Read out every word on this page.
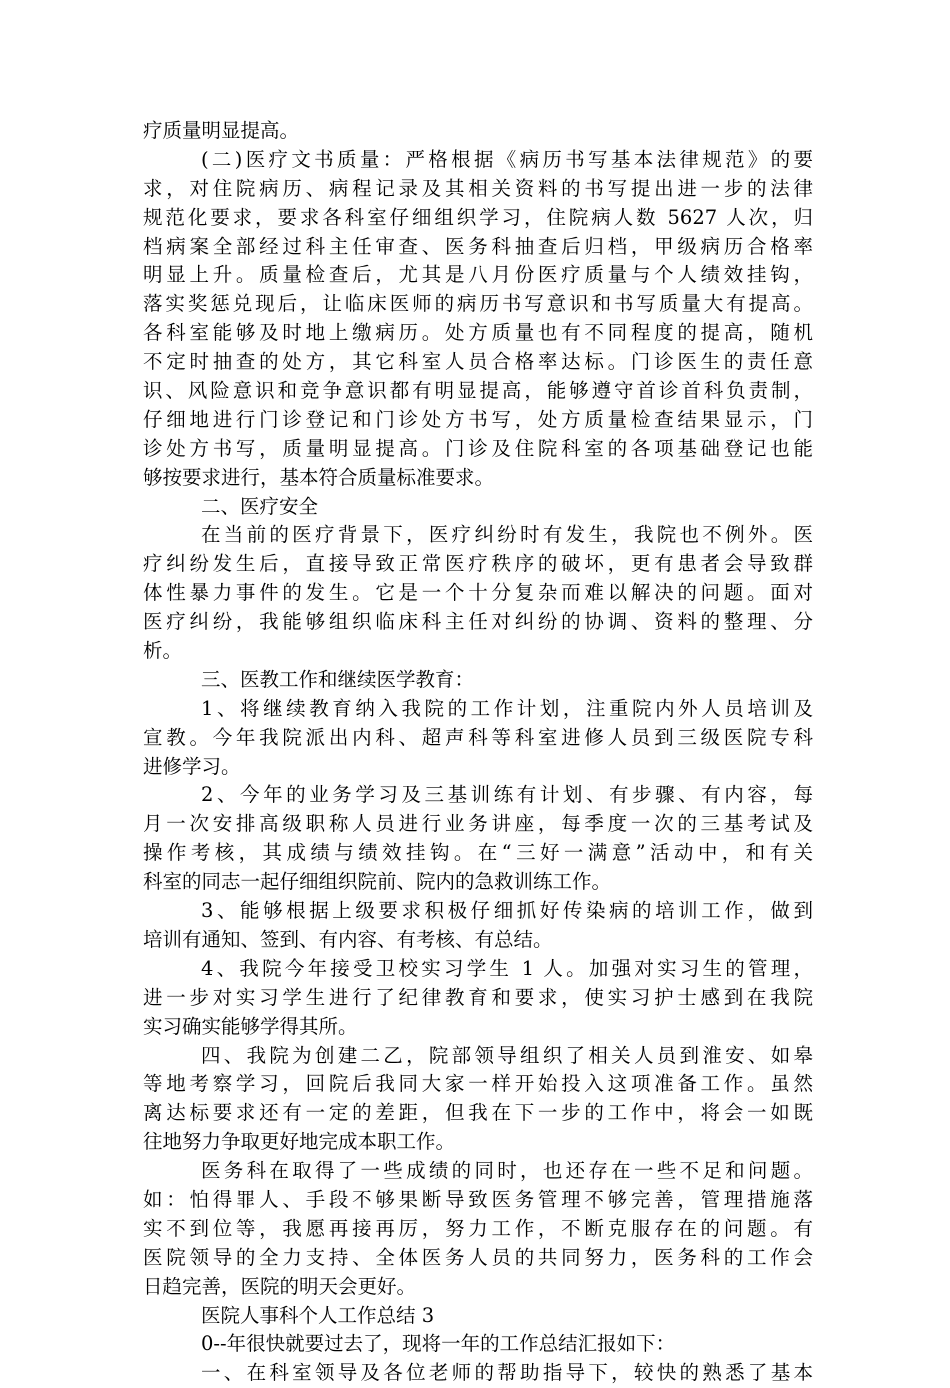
疗质量明显提高。
(二)医疗文书质量：严格根据《病历书写基本法律规范》的要
求，对住院病历、病程记录及其相关资料的书写提出进一步的法律
规范化要求，要求各科室仔细组织学习，住院病人数 5627 人次，归
档病案全部经过科主任审查、医务科抽查后归档，甲级病历合格率
明显上升。质量检查后，尤其是八月份医疗质量与个人绩效挂钩，
落实奖惩兑现后，让临床医师的病历书写意识和书写质量大有提高。
各科室能够及时地上缴病历。处方质量也有不同程度的提高，随机
不定时抽查的处方，其它科室人员合格率达标。门诊医生的责任意
识、风险意识和竞争意识都有明显提高，能够遵守首诊首科负责制，
仔细地进行门诊登记和门诊处方书写，处方质量检查结果显示，门
诊处方书写，质量明显提高。门诊及住院科室的各项基础登记也能
够按要求进行，基本符合质量标准要求。
二、医疗安全
在当前的医疗背景下，医疗纠纷时有发生，我院也不例外。医
疗纠纷发生后，直接导致正常医疗秩序的破坏，更有患者会导致群
体性暴力事件的发生。它是一个十分复杂而难以解决的问题。面对
医疗纠纷，我能够组织临床科主任对纠纷的协调、资料的整理、分
析。
三、医教工作和继续医学教育：
1、将继续教育纳入我院的工作计划，注重院内外人员培训及
宣教。今年我院派出内科、超声科等科室进修人员到三级医院专科
进修学习。
2、今年的业务学习及三基训练有计划、有步骤、有内容，每
月一次安排高级职称人员进行业务讲座，每季度一次的三基考试及
操作考核，其成绩与绩效挂钩。在“三好一满意”活动中，和有关
科室的同志一起仔细组织院前、院内的急救训练工作。
3、能够根据上级要求积极仔细抓好传染病的培训工作，做到
培训有通知、签到、有内容、有考核、有总结。
4、我院今年接受卫校实习学生 1 人。加强对实习生的管理，
进一步对实习学生进行了纪律教育和要求，使实习护士感到在我院
实习确实能够学得其所。
四、我院为创建二乙，院部领导组织了相关人员到淮安、如皋
等地考察学习，回院后我同大家一样开始投入这项准备工作。虽然
离达标要求还有一定的差距，但我在下一步的工作中，将会一如既
往地努力争取更好地完成本职工作。
医务科在取得了一些成绩的同时，也还存在一些不足和问题。
如：怕得罪人、手段不够果断导致医务管理不够完善，管理措施落
实不到位等，我愿再接再厉，努力工作，不断克服存在的问题。有
医院领导的全力支持、全体医务人员的共同努力，医务科的工作会
日趋完善，医院的明天会更好。
医院人事科个人工作总结 3
0--年很快就要过去了，现将一年的工作总结汇报如下：
一、在科室领导及各位老师的帮助指导下，较快的熟悉了基本
